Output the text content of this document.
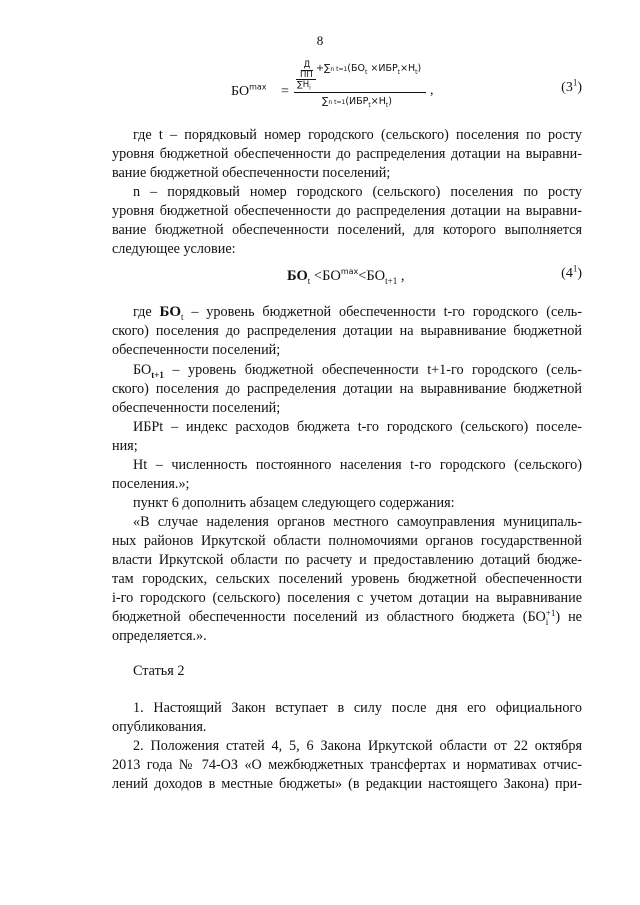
8
$БО^{max}$ =
Д
ПП
$\sum Н_i$
+∑n $t=1(БО_t \times ИБР_t\times Н_t)$
∑n $t=1(ИБР_t\times Н_t)$
,	$(3^1)$
где t – порядковый номер городского (сельского) поселения по росту
уровня бюджетной обеспеченности до распределения дотации на выравни-
вание бюджетной обеспеченности поселений;
n – порядковый номер городского (сельского) поселения по росту
уровня бюджетной обеспеченности до распределения дотации на выравни-
вание бюджетной обеспеченности поселений, для которого выполняется
следующее условие:
$БО_t <БО^{max}<БО_{t+1}$ ,	$(4^1)$
где $БО_t$ – уровень бюджетной обеспеченности t-го городского (сель-
ского) поселения до распределения дотации на выравнивание бюджетной
обеспеченности поселений;
$БО_{t+1}$ – уровень бюджетной обеспеченности t+1-го городского (сель-
ского) поселения до распределения дотации на выравнивание бюджетной
обеспеченности поселений;
ИБРt – индекс расходов бюджета t-го городского (сельского) поселе-
ния;
Нt – численность постоянного населения t-го городского (сельского)
поселения.»;
пункт 6 дополнить абзацем следующего содержания:
«В случае наделения органов местного самоуправления муниципаль-
ных районов Иркутской области полномочиями органов государственной
власти Иркутской области по расчету и предоставлению дотаций бюдже-
там городских, сельских поселений уровень бюджетной обеспеченности
i-го городского (сельского) поселения с учетом дотации на выравнивание
бюджетной обеспеченности поселений из областного бюджета (БО +1
i ) не
определяется.».
Статья 2
1. Настоящий Закон вступает в силу после дня его официального
опубликования.
2. Положения статей 4, 5, 6 Закона Иркутской области от 22 октября
2013 года № 74-ОЗ «О межбюджетных трансфертах и нормативах отчис-
лений доходов в местные бюджеты» (в редакции настоящего Закона) при-
